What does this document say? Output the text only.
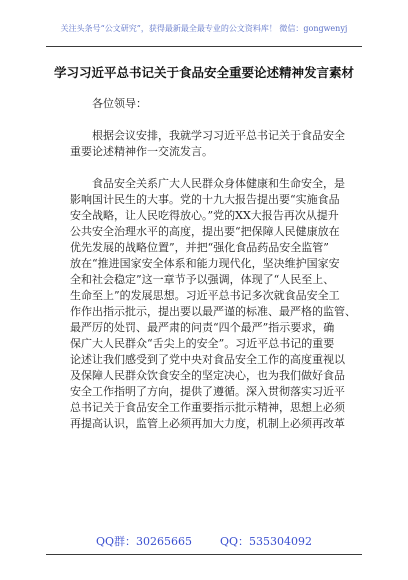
关注头条号“公文研究”，获得最新最全最专业的公文资料库！ 微信：gongwenyj
学习习近平总书记关于食品安全重要论述精神发言素材

各位领导：

根据会议安排，我就学习习近平总书记关于食品安全
重要论述精神作一交流发言。

食品安全关系广大人民群众身体健康和生命安全，是
影响国计民生的大事。党的十九大报告提出要“实施食品
安全战略，让人民吃得放心。”党的XX大报告再次从提升
公共安全治理水平的高度，提出要“把保障人民健康放在
优先发展的战略位置”，并把“强化食品药品安全监管”
放在“推进国家安全体系和能力现代化，坚决维护国家安
全和社会稳定”这一章节予以强调，体现了“人民至上、
生命至上”的发展思想。习近平总书记多次就食品安全工
作作出指示批示，提出要以最严谨的标准、最严格的监管、
最严厉的处罚、最严肃的问责“四个最严”指示要求，确
保广大人民群众“舌尖上的安全”。习近平总书记的重要
论述让我们感受到了党中央对食品安全工作的高度重视以
及保障人民群众饮食安全的坚定决心，也为我们做好食品
安全工作指明了方向，提供了遵循。深入贯彻落实习近平
总书记关于食品安全工作重要指示批示精神，思想上必须
再提高认识，监管上必须再加大力度，机制上必须再改革

QQ群：30265665	QQ：535304092
